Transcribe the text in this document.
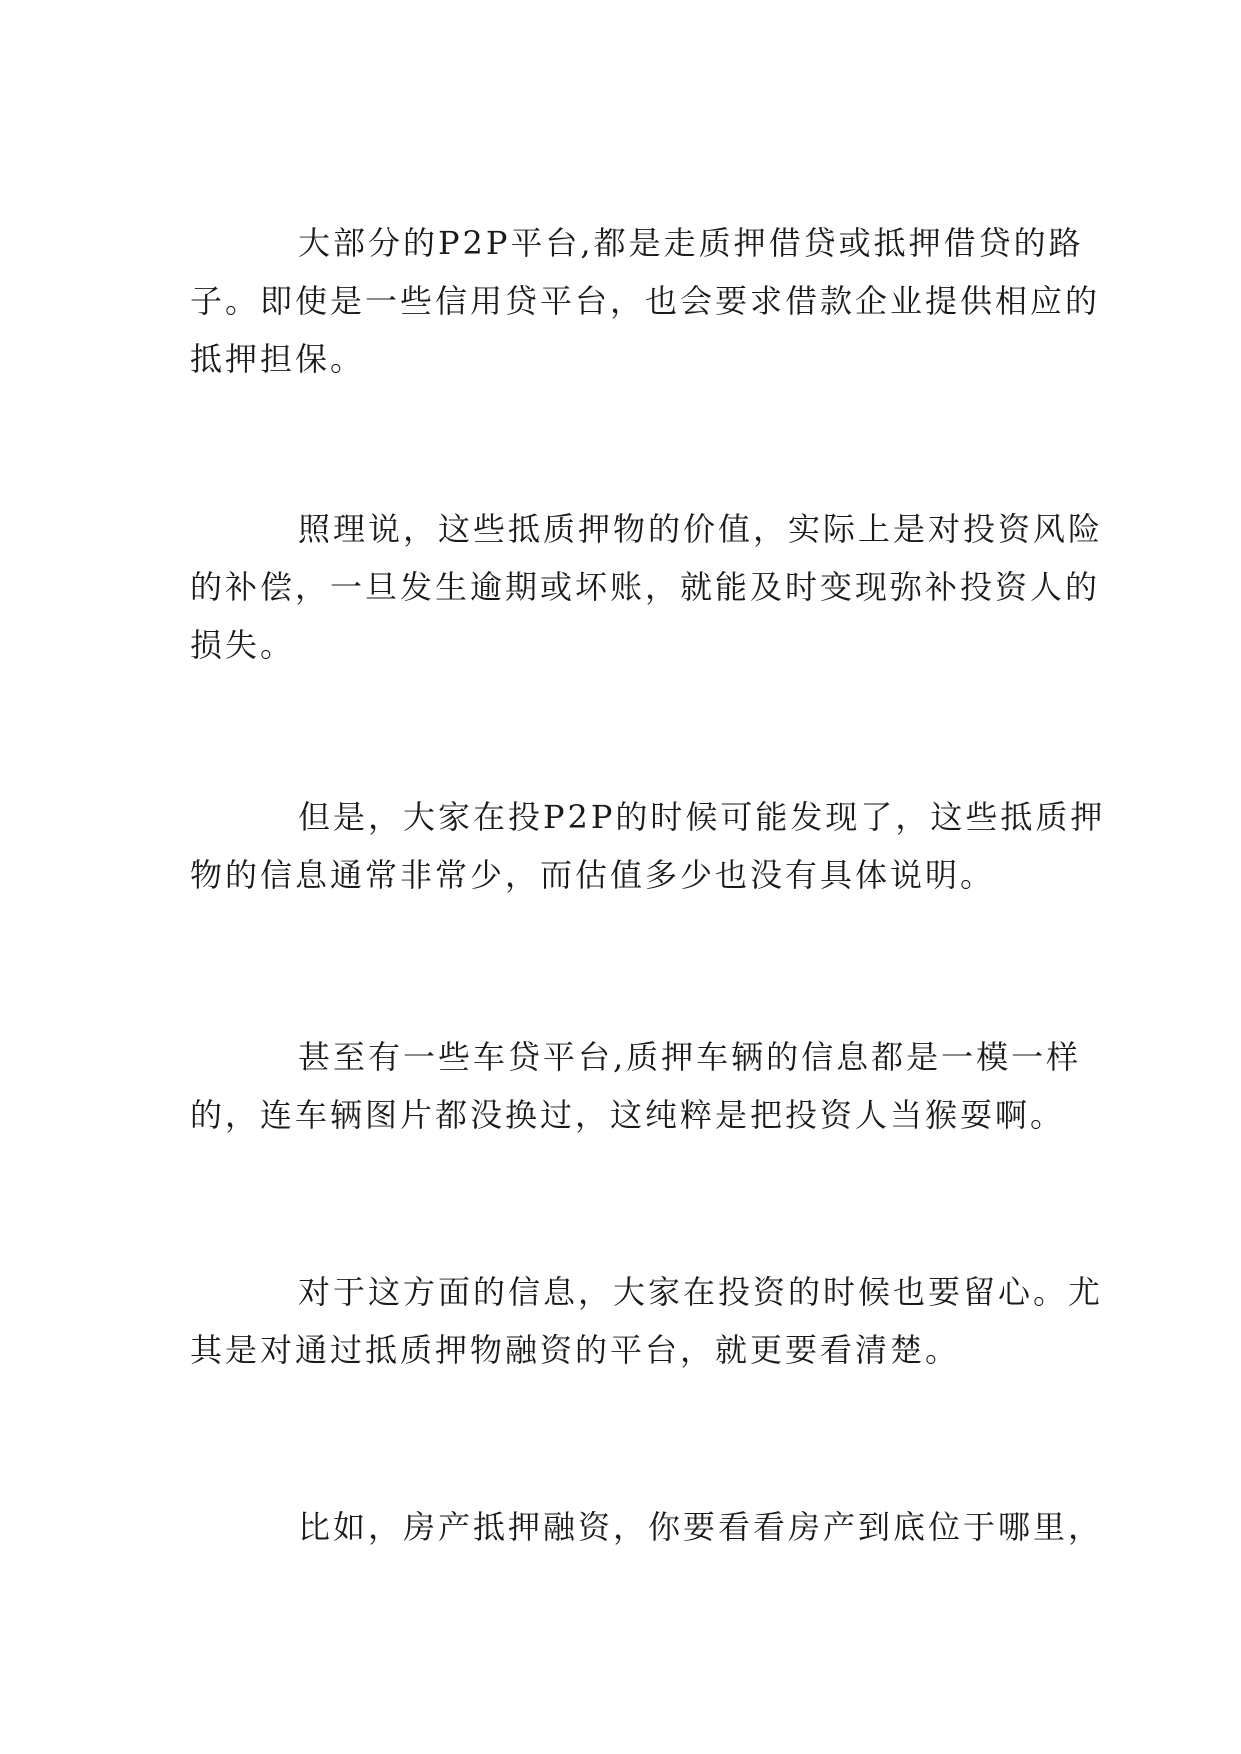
大部分的P2P平台,都是走质押借贷或抵押借贷的路
子。即使是一些信用贷平台，也会要求借款企业提供相应的
抵押担保。
照理说，这些抵质押物的价值，实际上是对投资风险
的补偿，一旦发生逾期或坏账，就能及时变现弥补投资人的
损失。
但是，大家在投P2P的时候可能发现了，这些抵质押
物的信息通常非常少，而估值多少也没有具体说明。
甚至有一些车贷平台,质押车辆的信息都是一模一样
的，连车辆图片都没换过，这纯粹是把投资人当猴耍啊。
对于这方面的信息，大家在投资的时候也要留心。尤
其是对通过抵质押物融资的平台，就更要看清楚。
比如，房产抵押融资，你要看看房产到底位于哪里，
